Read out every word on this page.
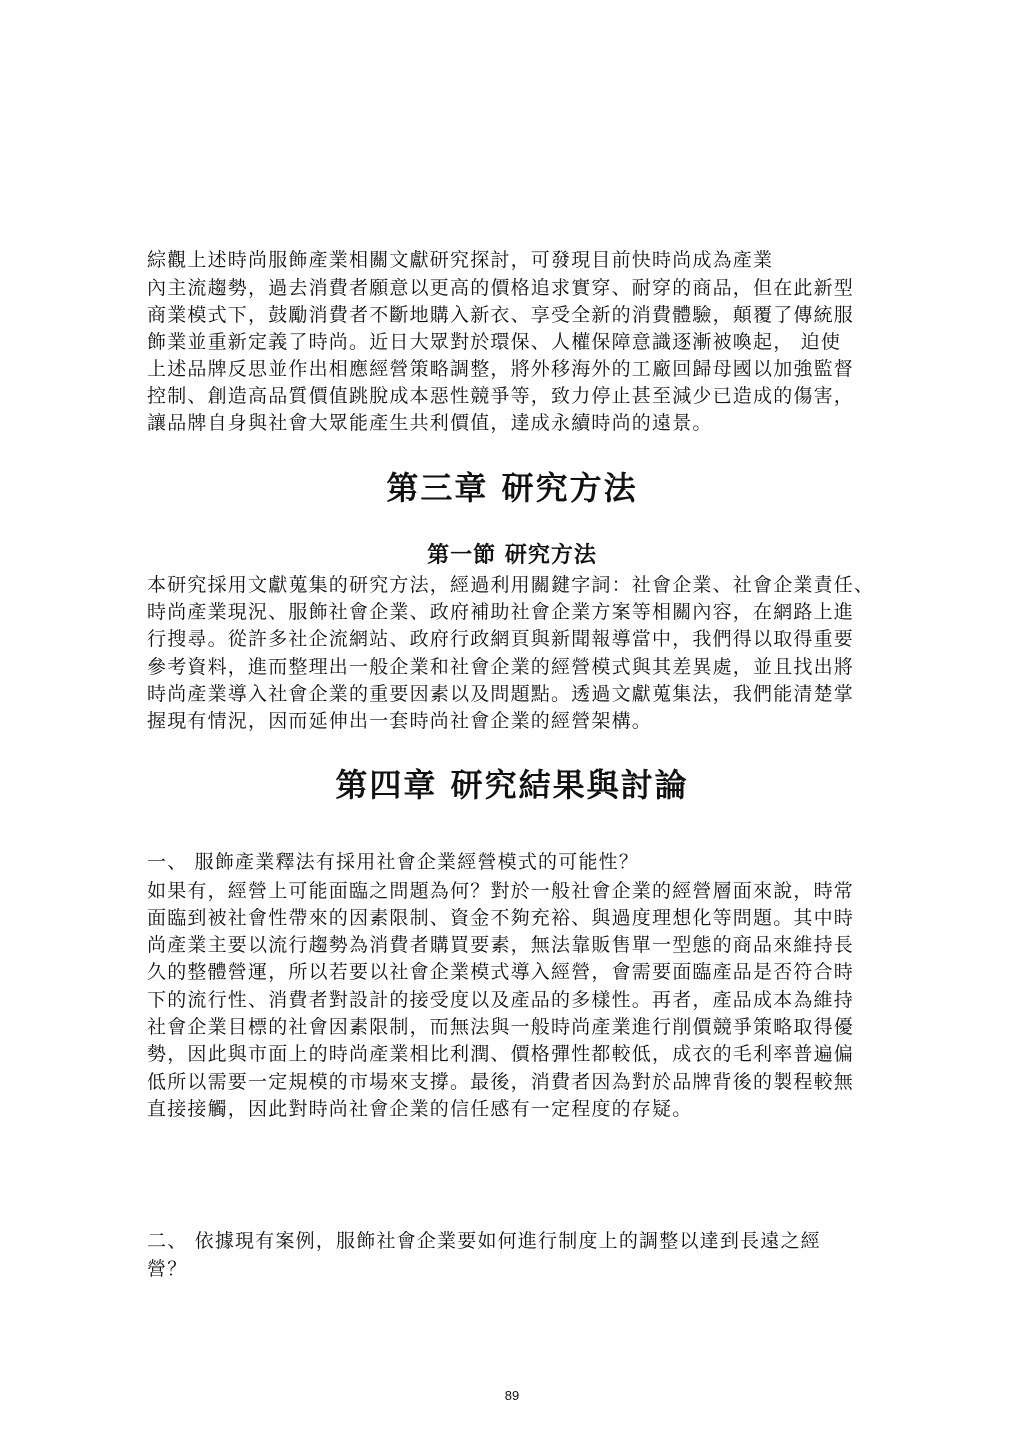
綜觀上述時尚服飾產業相關文獻研究探討，可發現目前快時尚成為產業
內主流趨勢，過去消費者願意以更高的價格追求實穿、耐穿的商品，但在此新型
商業模式下，鼓勵消費者不斷地購入新衣、享受全新的消費體驗，顛覆了傳統服
飾業並重新定義了時尚。近日大眾對於環保、人權保障意識逐漸被喚起， 迫使
上述品牌反思並作出相應經營策略調整，將外移海外的工廠回歸母國以加強監督
控制、創造高品質價值跳脫成本惡性競爭等，致力停止甚至減少已造成的傷害，
讓品牌自身與社會大眾能產生共利價值，達成永續時尚的遠景。
第三章 研究方法
第一節 研究方法
本研究採用文獻蒐集的研究方法，經過利用關鍵字詞：社會企業、社會企業責任、
時尚產業現況、服飾社會企業、政府補助社會企業方案等相關內容，在網路上進
行搜尋。從許多社企流網站、政府行政網頁與新聞報導當中，我們得以取得重要
參考資料，進而整理出一般企業和社會企業的經營模式與其差異處，並且找出將
時尚產業導入社會企業的重要因素以及問題點。透過文獻蒐集法，我們能清楚掌
握現有情況，因而延伸出一套時尚社會企業的經營架構。
第四章 研究結果與討論
一、 服飾產業釋法有採用社會企業經營模式的可能性？
如果有，經營上可能面臨之問題為何？對於一般社會企業的經營層面來說，時常
面臨到被社會性帶來的因素限制、資金不夠充裕、與過度理想化等問題。其中時
尚產業主要以流行趨勢為消費者購買要素，無法靠販售單一型態的商品來維持長
久的整體營運，所以若要以社會企業模式導入經營，會需要面臨產品是否符合時
下的流行性、消費者對設計的接受度以及產品的多樣性。再者，產品成本為維持
社會企業目標的社會因素限制，而無法與一般時尚產業進行削價競爭策略取得優
勢，因此與市面上的時尚產業相比利潤、價格彈性都較低，成衣的毛利率普遍偏
低所以需要一定規模的市場來支撐。最後，消費者因為對於品牌背後的製程較無
直接接觸，因此對時尚社會企業的信任感有一定程度的存疑。
二、 依據現有案例，服飾社會企業要如何進行制度上的調整以達到長遠之經
營？
89
